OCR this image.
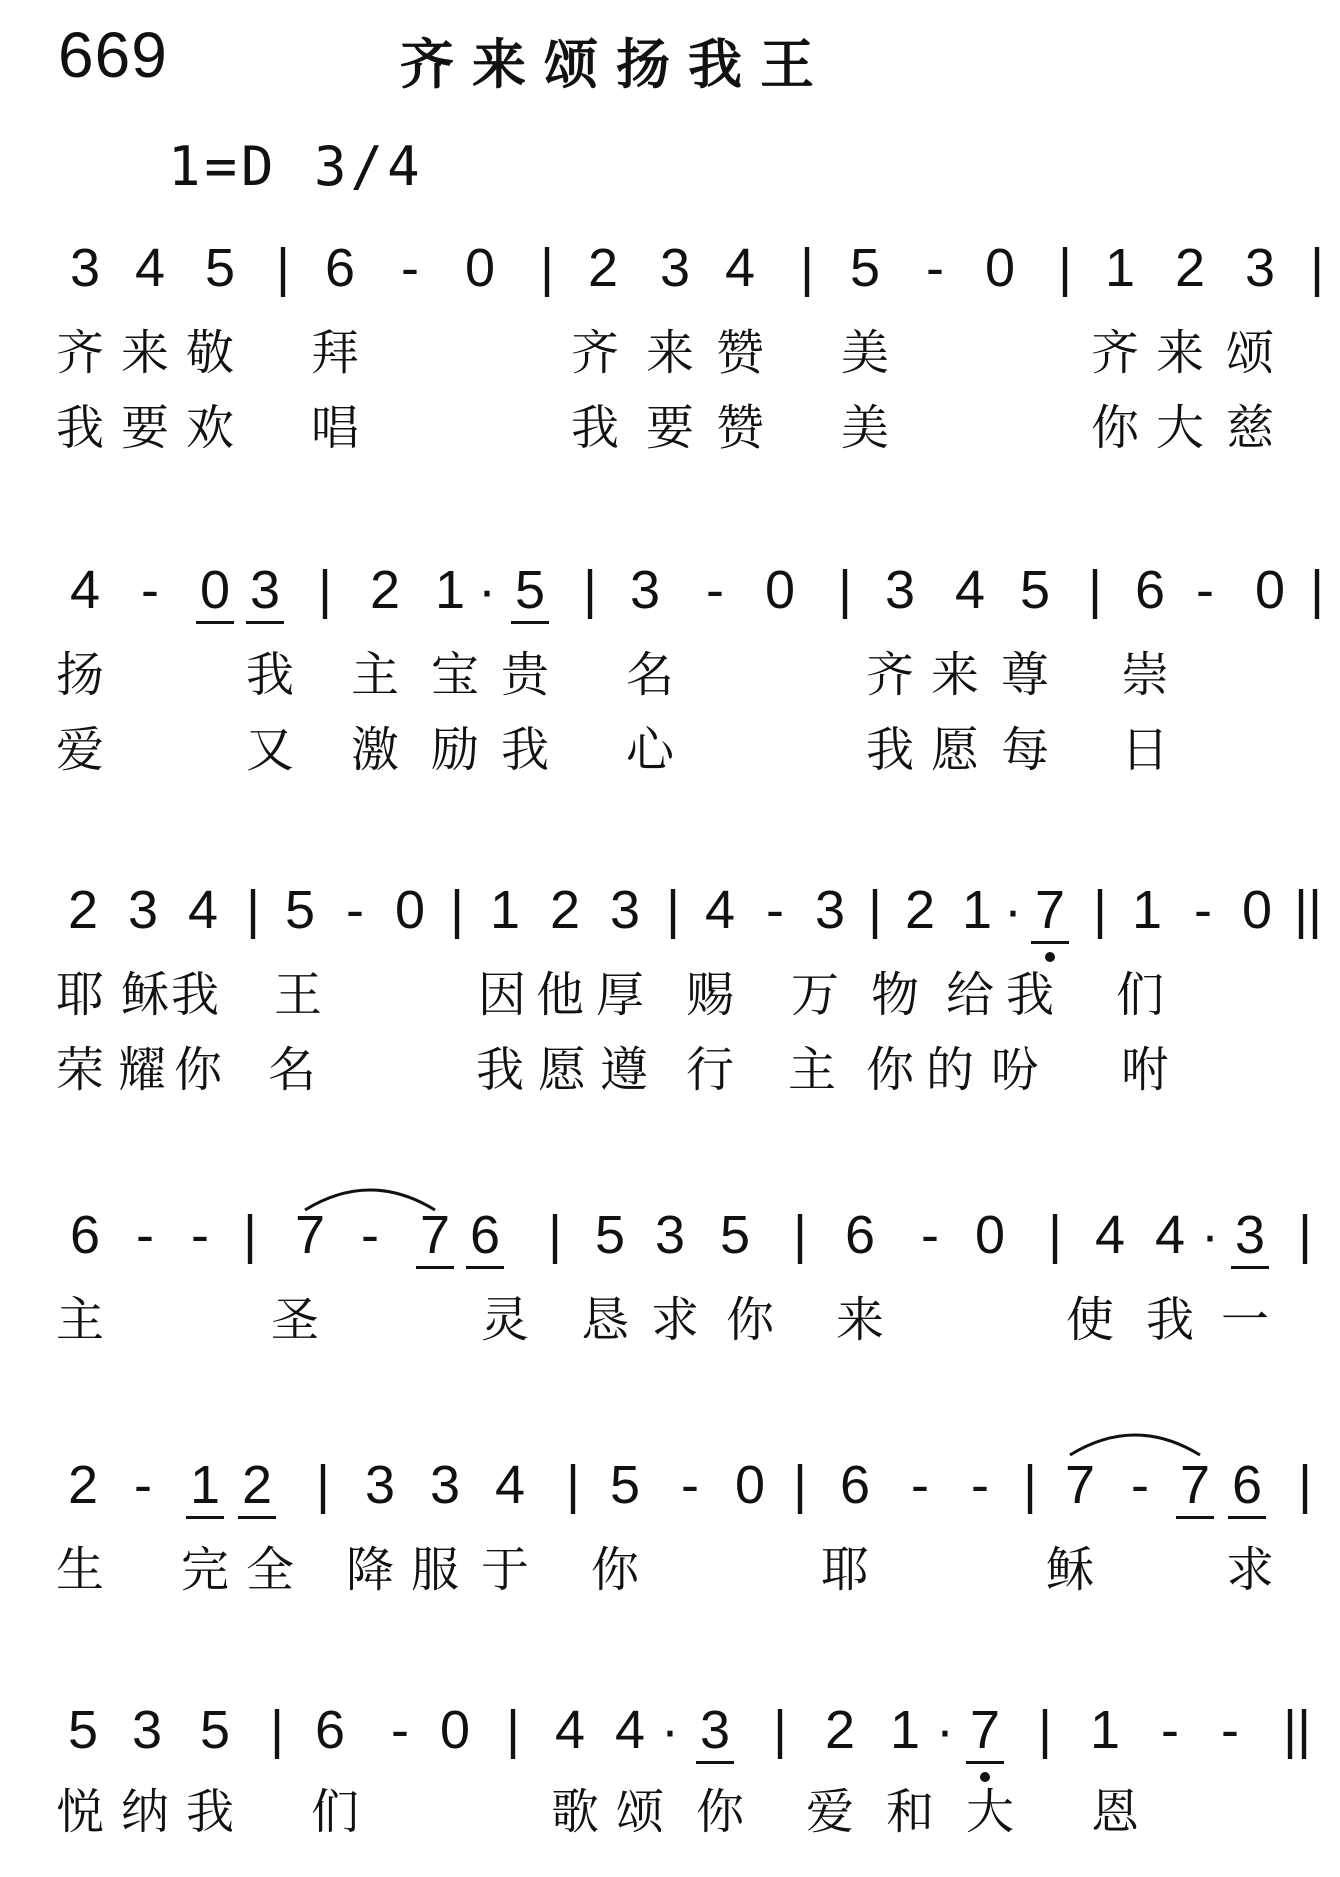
669	齐来颂扬我王
1=D 3/4
3 4 5 | 6 - 0 | 2 3 4 | 5 - 0 | 1 2 3 |
齐 来 敬 拜	齐 来 赞 美	齐 来 颂
我 要 欢 唱	我 要 赞 美	你 大 慈
4 - 0 3 | 2 1 · 5 | 3 - 0 | 3 4 5 | 6 - 0 |
扬	我 主 宝 贵 名	齐 来 尊 崇
爱	又 激 励 我 心	我 愿 每 日
2 3 4 | 5 - 0 | 1 2 3 | 4 - 3 | 2 1 · 7 | 1 - 0 ||
耶 稣 我 王	因 他 厚 赐 万 物 给 我 们
荣 耀 你 名	我 愿 遵 行 主 你 的 吩 咐
6 - - | 7 - 7 6 | 5 3 5 | 6 - 0 | 4 4 · 3 |
主	圣	灵 恳 求 你 来	使 我 一
2 - 1 2 | 3 3 4 | 5 - 0 | 6 - - | 7 - 7 6 |
生 完 全 降 服 于 你	耶	稣	求
5 3 5 | 6 - 0 | 4 4 · 3 | 2 1 · 7 | 1 - - ||
悦 纳 我 们	歌 颂 你 爱 和 大 恩
